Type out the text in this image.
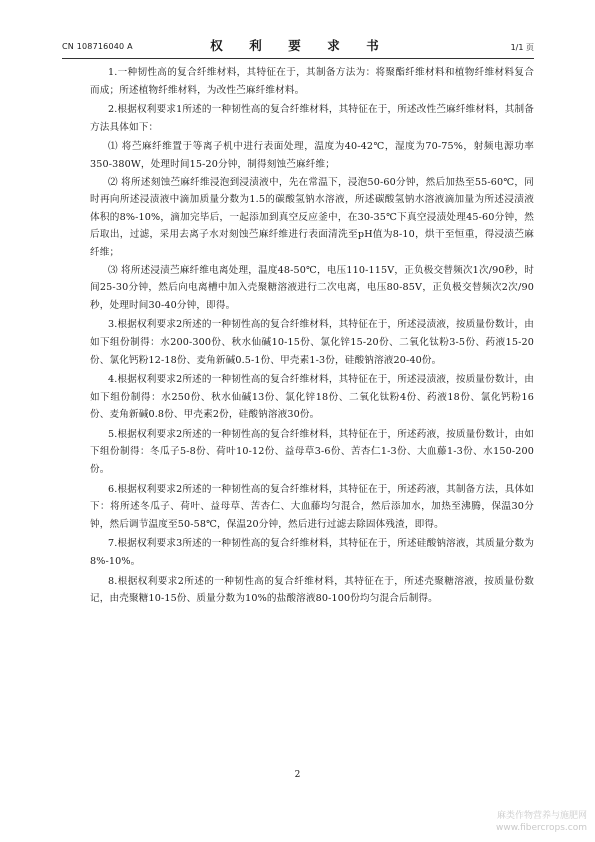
CN 108716040 A	权　利　要　求　书	1/1 页

1.一种韧性高的复合纤维材料，其特征在于，其制备方法为：将聚酯纤维材料和植物纤维材料复合而成；所述植物纤维材料，为改性苎麻纤维材料。

2.根据权利要求1所述的一种韧性高的复合纤维材料，其特征在于，所述改性苎麻纤维材料，其制备方法具体如下：

⑴ 将苎麻纤维置于等离子机中进行表面处理，温度为40-42℃，湿度为70-75%，射频电源功率350-380W，处理时间15-20分钟，制得刻蚀苎麻纤维；

⑵ 将所述刻蚀苎麻纤维浸泡到浸渍液中，先在常温下，浸泡50-60分钟，然后加热至55-60℃，同时再向所述浸渍液中滴加质量分数为1.5的碳酸氢钠水溶液，所述碳酸氢钠水溶液滴加量为所述浸渍液体积的8%-10%，滴加完毕后，一起添加到真空反应釜中，在30-35℃下真空浸渍处理45-60分钟，然后取出，过滤，采用去离子水对刻蚀苎麻纤维进行表面清洗至pH值为8-10，烘干至恒重，得浸渍苎麻纤维；

⑶ 将所述浸渍苎麻纤维电离处理，温度48-50℃，电压110-115V，正负极交替频次1次/90秒，时间25-30分钟，然后向电离槽中加入壳聚糖溶液进行二次电离，电压80-85V，正负极交替频次2次/90秒，处理时间30-40分钟，即得。

3.根据权利要求2所述的一种韧性高的复合纤维材料，其特征在于，所述浸渍液，按质量份数计，由如下组份制得：水200-300份、秋水仙碱10-15份、氯化锌15-20份、二氧化钛粉3-5份、药液15-20份、氯化钙粉12-18份、麦角新碱0.5-1份、甲壳素1-3份，硅酸钠溶液20-40份。

4.根据权利要求2所述的一种韧性高的复合纤维材料，其特征在于，所述浸渍液，按质量份数计，由如下组份制得：水250份、秋水仙碱13份、氯化锌18份、二氧化钛粉4份、药液18份、氯化钙粉16份、麦角新碱0.8份、甲壳素2份，硅酸钠溶液30份。

5.根据权利要求2所述的一种韧性高的复合纤维材料，其特征在于，所述药液，按质量份数计，由如下组份制得：冬瓜子5-8份、荷叶10-12份、益母草3-6份、苦杏仁1-3份、大血藤1-3份、水150-200份。

6.根据权利要求2所述的一种韧性高的复合纤维材料，其特征在于，所述药液，其制备方法，具体如下：将所述冬瓜子、荷叶、益母草、苦杏仁、大血藤均匀混合，然后添加水，加热至沸腾，保温30分钟，然后调节温度至50-58℃，保温20分钟，然后进行过滤去除固体残渣，即得。

7.根据权利要求3所述的一种韧性高的复合纤维材料，其特征在于，所述硅酸钠溶液，其质量分数为8%-10%。

8.根据权利要求2所述的一种韧性高的复合纤维材料，其特征在于，所述壳聚糖溶液，按质量份数记，由壳聚糖10-15份、质量分数为10%的盐酸溶液80-100份均匀混合后制得。

2
麻类作物营养与施肥网
www.fibercrops.com
